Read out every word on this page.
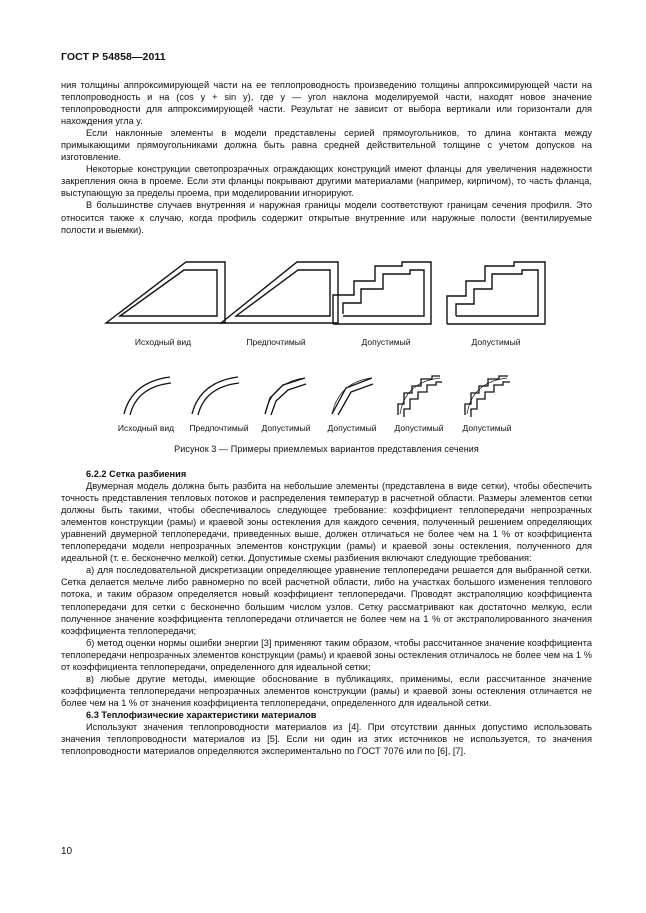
ГОСТ Р 54858—2011

ния толщины аппроксимирующей части на ее теплопроводность произведению толщины аппроксимирующей части на теплопроводность и на (cos y + sin y), где y — угол наклона моделируемой части, находят новое значение теплопроводности для аппроксимирующей части. Результат не зависит от выбора вертикали или горизонтали для нахождения угла y.

Если наклонные элементы в модели представлены серией прямоугольников, то длина контакта между примыкающими прямоугольниками должна быть равна средней действительной толщине с учетом допусков на изготовление.

Некоторые конструкции светопрозрачных ограждающих конструкций имеют фланцы для увеличения надежности закрепления окна в проеме. Если эти фланцы покрывают другими материалами (например, кирпичом), то часть фланца, выступающую за пределы проема, при моделировании игнорируют.

В большинстве случаев внутренняя и наружная границы модели соответствуют границам сечения профиля. Это относится также к случаю, когда профиль содержит открытые внутренние или наружные полости (вентилируемые полости и выемки).

Исходный вид	Предпочтимый	Допустимый	Допустимый
Исходный вид	Предпочтимый	Допустимый	Допустимый	Допустимый	Допустимый
Рисунок 3 — Примеры приемлемых вариантов представления сечения

6.2.2 Сетка разбиения

Двумерная модель должна быть разбита на небольшие элементы (представлена в виде сетки), чтобы обеспечить точность представления тепловых потоков и распределения температур в расчетной области. Размеры элементов сетки должны быть такими, чтобы обеспечивалось следующее требование: коэффициент теплопередачи непрозрачных элементов конструкции (рамы) и краевой зоны остекления для каждого сечения, полученный решением определяющих уравнений двумерной теплопередачи, приведенных выше, должен отличаться не более чем на 1 % от коэффициента теплопередачи модели непрозрачных элементов конструкции (рамы) и краевой зоны остекления, полученного для идеальной (т. е. бесконечно мелкой) сетки. Допустимые схемы разбиения включают следующие требования:

а) для последовательной дискретизации определяющее уравнение теплопередачи решается для выбранной сетки. Сетка делается мельче либо равномерно по всей расчетной области, либо на участках большого изменения теплового потока, и таким образом определяется новый коэффициент теплопередачи. Проводят экстраполяцию коэффициента теплопередачи для сетки с бесконечно большим числом узлов. Сетку рассматривают как достаточно мелкую, если полученное значение коэффициента теплопередачи отличается не более чем на 1 % от экстраполированного значения коэффициента теплопередачи;

б) метод оценки нормы ошибки энергии [3] применяют таким образом, чтобы рассчитанное значение коэффициента теплопередачи непрозрачных элементов конструкции (рамы) и краевой зоны остекления отличалось не более чем на 1 % от коэффициента теплопередачи, определенного для идеальной сетки;

в) любые другие методы, имеющие обоснование в публикациях, применимы, если рассчитанное значение коэффициента теплопередачи непрозрачных элементов конструкции (рамы) и краевой зоны остекления отличается не более чем на 1 % от значения коэффициента теплопередачи, определенного для идеальной сетки.

6.3 Теплофизические характеристики материалов

Используют значения теплопроводности материалов из [4]. При отсутствии данных допустимо использовать значения теплопроводности материалов из [5]. Если ни один из этих источников не используется, то значения теплопроводности материалов определяются экспериментально по ГОСТ 7076 или по [6], [7].

10
